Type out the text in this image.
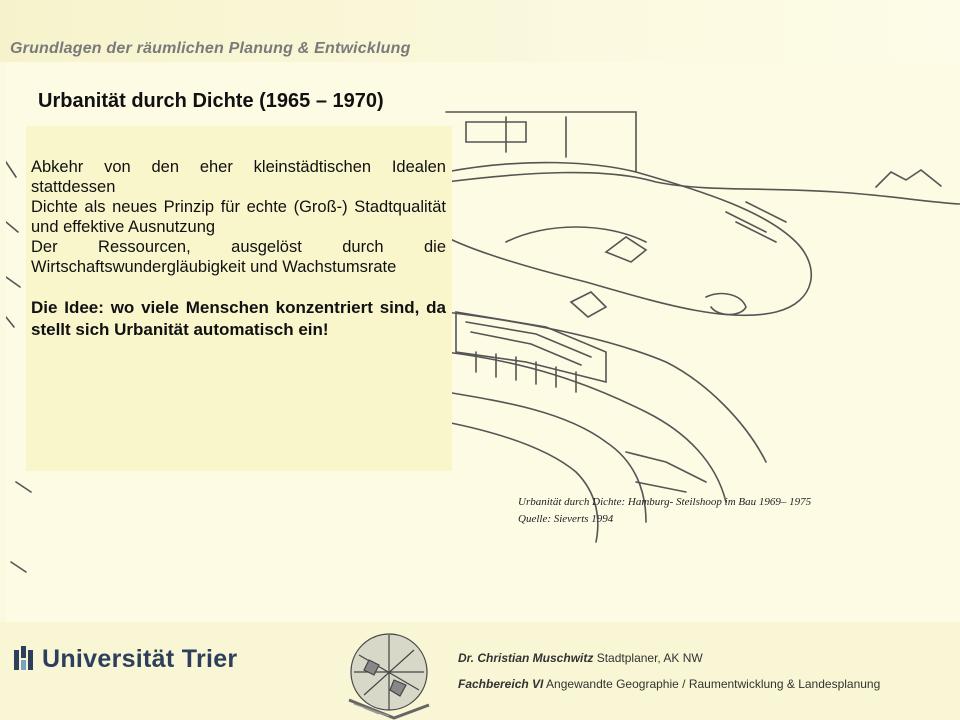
Grundlagen der räumlichen Planung & Entwicklung
Urbanität durch Dichte (1965 – 1970)

Abkehr von den eher kleinstädtischen Idealen stattdessen

Dichte als neues Prinzip für echte (Groß-) Stadtqualität und effektive Ausnutzung

Der Ressourcen, ausgelöst durch die Wirtschaftswundergläubigkeit und Wachstumsrate

Die Idee: wo viele Menschen konzentriert sind, da stellt sich Urbanität automatisch ein!

Urbanität durch Dichte: Hamburg- Steilshoop im Bau 1969– 1975 Quelle: Sieverts 1994
Universität Trier	Dr. Christian Muschwitz Stadtplaner, AK NW
Fachbereich VI Angewandte Geographie / Raumentwicklung & Landesplanung
